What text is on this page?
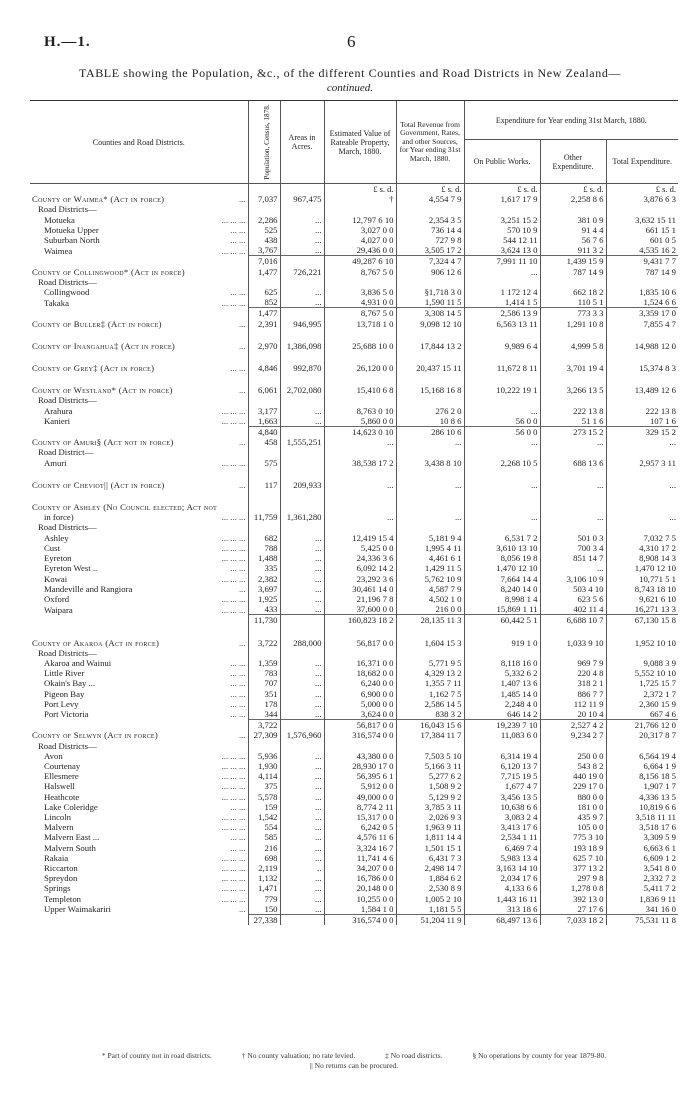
H.—1.	6
TABLE showing the Population, &c., of the different Counties and Road Districts in New Zealand—
continued.
Counties and Road Districts.	Population, Census, 1878.	Areas in Acres.	Estimated Value of Rateable Property, March, 1880.	Total Revenue from Government, Rates, and other Sources, for Year ending 31st March, 1880.	Expenditure for Year ending 31st March, 1880.		
					On Public Works.	Other Expenditure.	Total Expenditure.
			£ s. d.	£ s. d.	£ s. d.	£ s. d.	£ s. d.
County of Waimea* (Act in force) ...	7,037	967,475	†	4,554 7 9	1,617 17 9	2,258 8 6	3,876 6 3
Road Districts—							
Motueka ... ... ...	2,286	...	12,797 6 10	2,354 3 5	3,251 15 2	381 0 9	3,632 15 11
Motueka Upper ... ...	525	...	3,027 0 0	736 14 4	570 10 9	91 4 4	661 15 1
Suburban North ... ...	438	...	4,027 0 0	727 9 8	544 12 11	56 7 6	601 0 5
Waimea ... ... ...	3,767	...	29,436 0 0	3,505 17 2	3,624 13 0	911 3 2	4,535 16 2
	7,016		49,287 6 10	7,324 4 7	7,991 11 10	1,439 15 9	9,431 7 7
County of Collingwood* (Act in force)	1,477	726,221	8,767 5 0	906 12 6	...	787 14 9	787 14 9
Road Districts—							
Collingwood ... ...	625	...	3,836 5 0	§1,718 3 0	1 172 12 4	662 18 2	1,835 10 6
Takaka ... ... ...	852	...	4,931 0 0	1,590 11 5	1,414 1 5	110 5 1	1,524 6 6
	1,477		8,767 5 0	3,308 14 5	2,586 13 9	773 3 3	3,359 17 0
County of Buller‡ (Act in force) ...	2,391	946,995	13,718 1 0	9,098 12 10	6,563 13 11	1,291 10 8	7,855 4 7

County of Inangahua‡ (Act in force) ...	2,970	1,386,098	25,688 10 0	17,844 13 2	9,989 6 4	4,999 5 8	14,988 12 0

County of Grey‡ (Act in force) ... ...	4,846	992,870	26,120 0 0	20,437 15 11	11,672 8 11	3,701 19 4	15,374 8 3

County of Westland* (Act in force) ...	6,061	2,702,080	15,410 6 8	15,168 16 8	10,222 19 1	3,266 13 5	13,489 12 6
Road Districts—							
Arahura ... ... ...	3,177	...	8,763 0 10	276 2 0	...	222 13 8	222 13 8
Kanieri ... ... ...	1,663	...	5,860 0 0	10 8 6	56 0 0	51 1 6	107 1 6
	4,840		14,623 0 10	286 10 6	56 0 0	273 15 2	329 15 2
County of Amuri§ (Act not in force) ...	458	1,555,251	...	...	...	...	...
Road District—							
Amuri ... ... ...	575		38,538 17 2	3,438 8 10	2,268 10 5	688 13 6	2,957 3 11

County of Cheviot|| (Act in force) ...	117	209,933	...	...	...	...	...

County of Ashley (No Council elected; Act not							
in force) ... ... ...	11,759	1,361,280	...	...	...	...	...
Road Districts—							
Ashley ... ... ...	682	...	12,419 15 4	5,181 9 4	6,531 7 2	501 0 3	7,032 7 5
Cust ... ... ...	788	...	5,425 0 0	1,995 4 11	3,610 13 10	700 3 4	4,310 17 2
Eyreton ... ... ...	1,488	...	24,336 3 6	4,461 6 1	8,056 19 8	851 14 7	8,908 14 3
Eyreton West .. ... ...	335	...	6,092 14 2	1,429 11 5	1,470 12 10	...	1,470 12 10
Kowai ... ... ...	2,382	...	23,292 3 6	5,762 10 9	7,664 14 4	3,106 10 9	10,771 5 1
Mandeville and Rangiora ...	3,697	...	30,461 14 0	4,587 7 9	8,240 14 0	503 4 10	8,743 18 10
Oxford ... ... ...	1,925	...	21,196 7 8	4,502 1 0	8,998 1 4	623 5 6	9,621 6 10
Waipara ... ... ...	433	...	37,600 0 0	216 0 0	15,869 1 11	402 11 4	16,271 13 3
	11,730		160,823 18 2	28,135 11 3	60,442 5 1	6,688 10 7	67,130 15 8

County of Akaroa (Act in force) ...	3,722	288,000	56,817 0 0	1,604 15 3	919 1 0	1,033 9 10	1,952 10 10
Road Districts—							
Akaroa and Wainui ... ...	1,359	...	16,371 0 0	5,771 9 5	8,118 16 0	969 7 9	9,088 3 9
Little River ... ...	783	...	18,682 0 0	4,329 13 2	5,332 6 2	220 4 8	5,552 10 10
Okain's Bay ... ... ...	707	...	6,240 0 0	1,355 7 11	1,407 13 6	318 2 1	1,725 15 7
Pigeon Bay ... ...	351	...	6,900 0 0	1,162 7 5	1,485 14 0	886 7 7	2,372 1 7
Port Levy ... ...	178	...	5,000 0 0	2,586 14 5	2,248 4 0	112 11 9	2,360 15 9
Port Victoria ... ...	344	...	3,624 0 0	838 3 2	646 14 2	20 10 4	667 4 6
	3,722		56,817 0 0	16,043 15 6	19,239 7 10	2,527 4 2	21,766 12 0
County of Selwyn (Act in force) ...	27,309	1,576,960	316,574 0 0	17,384 11 7	11,083 6 0	9,234 2 7	20,317 8 7
Road Districts—							
Avon ... ... ...	5,936	...	43,380 0 0	7,503 5 10	6,314 19 4	250 0 0	6,564 19 4
Courtenay ... ... ...	1,930	...	28,930 17 0	5,166 3 11	6,120 13 7	543 8 2	6,664 1 9
Ellesmere ... ... ...	4,114	...	56,395 6 1	5,277 6 2	7,715 19 5	440 19 0	8,156 18 5
Halswell ... ... ...	375	...	5,912 0 0	1,508 9 2	1,677 4 7	229 17 0	1,907 1 7
Heathcote ... ... ...	5,578	...	49,000 0 0	5,129 9 2	3,456 13 5	880 0 0	4,336 13 5
Lake Coleridge ... ...	159	...	8,774 2 11	3,785 3 11	10,638 6 6	181 0 0	10,819 6 6
Lincoln ... ... ...	1,542	...	15,317 0 0	2,026 9 3	3,083 2 4	435 9 7	3,518 11 11
Malvern ... ... ...	554	...	6,242 0 5	1,963 9 11	3,413 17 6	105 0 0	3,518 17 6
Malvern East ... ... ...	585	...	4,576 11 6	1,811 14 4	2,534 1 11	775 3 10	3,309 5 9
Malvern South ... ...	216	...	3,324 16 7	1,501 15 1	6,469 7 4	193 18 9	6,663 6 1
Rakaia ... ... ...	698	...	11,741 4 6	6,431 7 3	5,983 13 4	625 7 10	6,609 1 2
Riccarton ... ... ...	2,119	..	34,207 0 0	2,498 14 7	3,163 14 10	377 13 2	3,541 8 0
Spreydon ... ... ...	1,132	...	16,786 0 0	1,884 6 2	2,034 17 6	297 9 8	2,332 7 2
Springs ... ... ...	1,471	...	20,148 0 0	2,530 8 9	4,133 6 6	1,278 0 8	5,411 7 2
Templeton ... ... ...	779	...	10,255 0 0	1,005 2 10	1,443 16 11	392 13 0	1,836 9 11
Upper Waimakariri ...	150	...	1,584 1 0	1,181 5 5	313 18 6	27 17 6	341 16 0
	27,338		316,574 0 0	51,204 11 9	68,497 13 6	7,033 18 2	75,531 11 8
* Part of county not in road districts.	† No county valuation; no rate levied.	‡ No road districts.	§ No operations by county for year 1879-80.
|| No returns can be procured.
